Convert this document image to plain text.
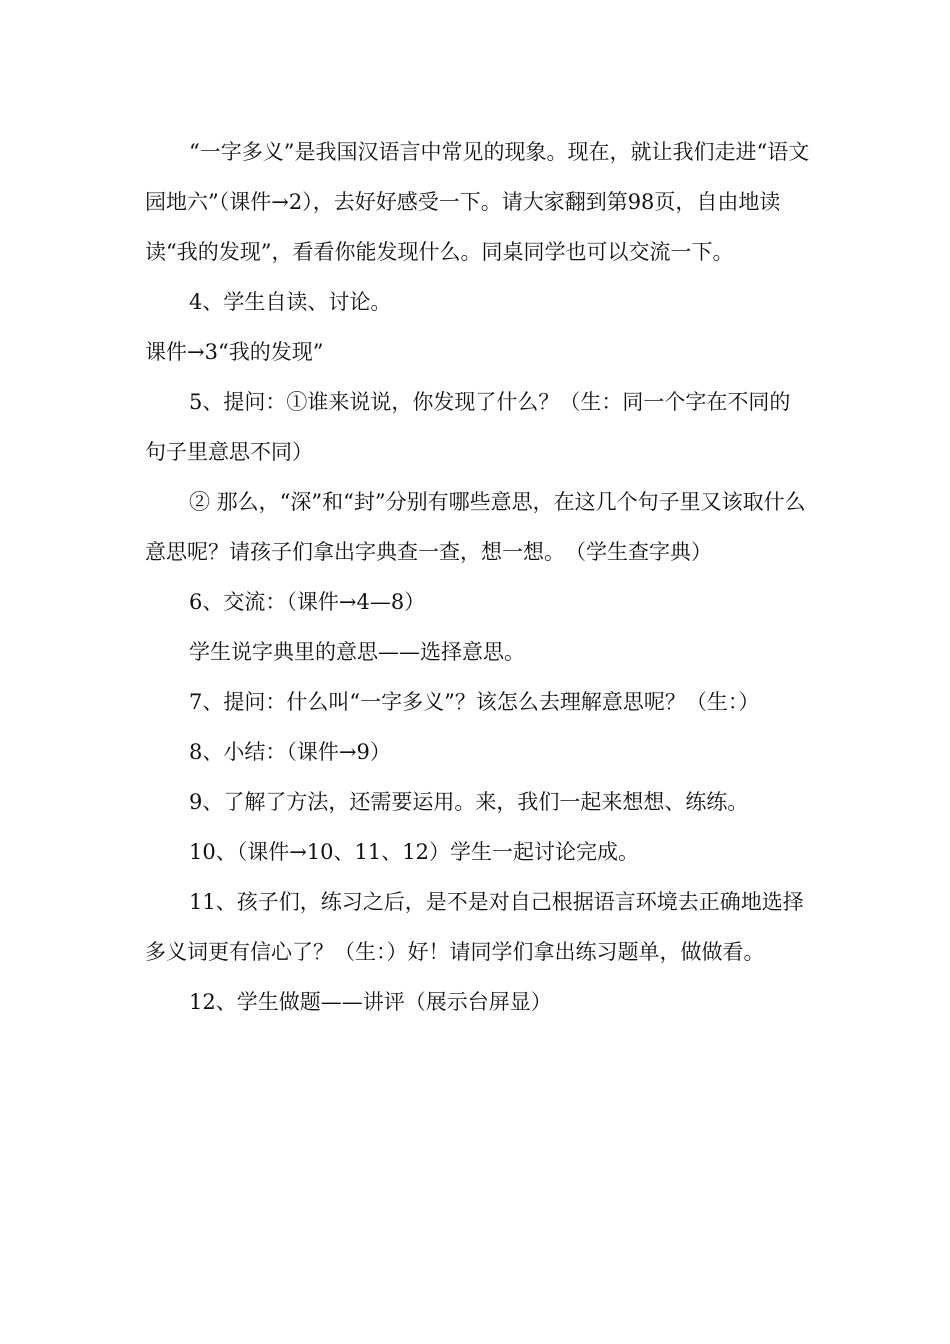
“一字多义”是我国汉语言中常见的现象。现在，就让我们走进“语文园地六”（课件→2），去好好感受一下。请大家翻到第98页，自由地读读“我的发现”，看看你能发现什么。同桌同学也可以交流一下。

4、学生自读、讨论。

课件→3“我的发现”

5、提问：①谁来说说，你发现了什么？（生：同一个字在不同的句子里意思不同）

② 那么，“深”和“封”分别有哪些意思，在这几个句子里又该取什么意思呢？请孩子们拿出字典查一查，想一想。　（学生查字典）

6、交流：（课件→4—8）

学生说字典里的意思——选择意思。

7、提问：什么叫“一字多义”？该怎么去理解意思呢？（生：）

8、小结：（课件→9）

9、了解了方法，还需要运用。来，我们一起来想想、练练。

10、（课件→10、11、12）学生一起讨论完成。

11、孩子们，练习之后，是不是对自己根据语言环境去正确地选择多义词更有信心了？（生：）好！请同学们拿出练习题单，做做看。

12、学生做题——讲评（展示台屏显）
